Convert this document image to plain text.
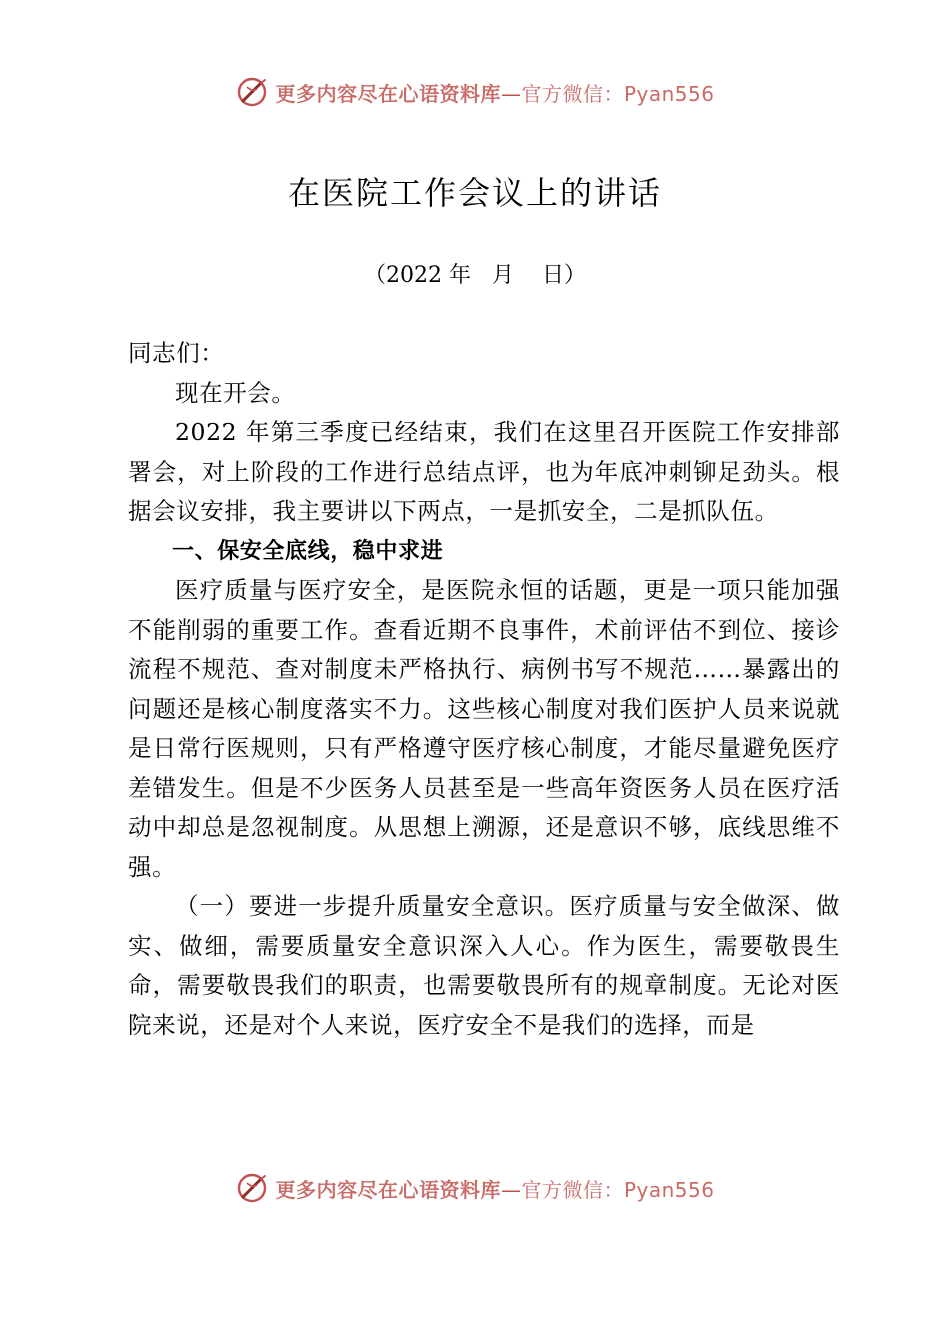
更多内容尽在心语资料库—官方微信：Pyan556
在医院工作会议上的讲话
（2022 年   月    日）

同志们：

现在开会。

2022 年第三季度已经结束，我们在这里召开医院工作安排部署会，对上阶段的工作进行总结点评，也为年底冲刺铆足劲头。根据会议安排，我主要讲以下两点，一是抓安全，二是抓队伍。

一、保安全底线，稳中求进

医疗质量与医疗安全，是医院永恒的话题，更是一项只能加强不能削弱的重要工作。查看近期不良事件，术前评估不到位、接诊流程不规范、查对制度未严格执行、病例书写不规范……暴露出的问题还是核心制度落实不力。这些核心制度对我们医护人员来说就是日常行医规则，只有严格遵守医疗核心制度，才能尽量避免医疗差错发生。但是不少医务人员甚至是一些高年资医务人员在医疗活动中却总是忽视制度。从思想上溯源，还是意识不够，底线思维不强。

（一）要进一步提升质量安全意识。医疗质量与安全做深、做实、做细，需要质量安全意识深入人心。作为医生，需要敬畏生命，需要敬畏我们的职责，也需要敬畏所有的规章制度。无论对医院来说，还是对个人来说，医疗安全不是我们的选择，而是

更多内容尽在心语资料库—官方微信：Pyan556
